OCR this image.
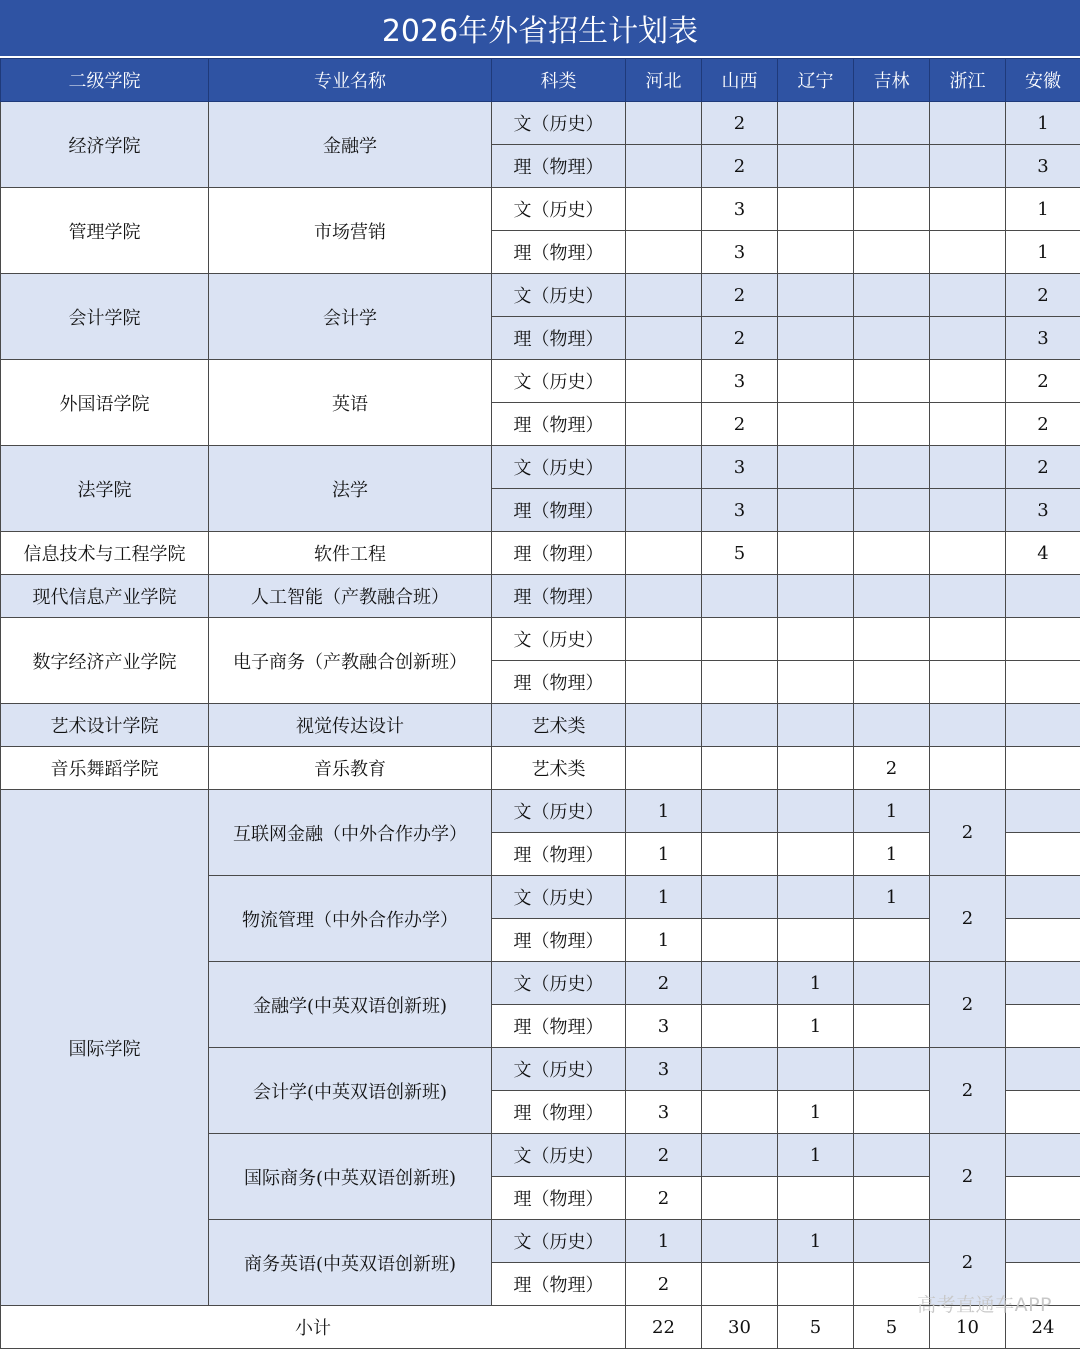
2026年外省招生计划表
二级学院	专业名称	科类	河北	山西	辽宁	吉林	浙江	安徽
经济学院	金融学	文（历史）		2				1
		理（物理）		2				3
管理学院	市场营销	文（历史）		3				1
		理（物理）		3				1
会计学院	会计学	文（历史）		2				2
		理（物理）		2				3
外国语学院	英语	文（历史）		3				2
		理（物理）		2				2
法学院	法学	文（历史）		3				2
		理（物理）		3				3
信息技术与工程学院	软件工程	理（物理）		5				4
现代信息产业学院	人工智能（产教融合班）	理（物理）						
数字经济产业学院	电子商务（产教融合创新班）	文（历史）						
		理（物理）						
艺术设计学院	视觉传达设计	艺术类						
音乐舞蹈学院	音乐教育	艺术类				2		
国际学院	互联网金融（中外合作办学）	文（历史）	1			1	2	
		理（物理）	1			1		
	物流管理（中外合作办学）	文（历史）	1			1	2	
		理（物理）	1					
	金融学(中英双语创新班)	文（历史）	2		1		2	
		理（物理）	3		1			
	会计学(中英双语创新班)	文（历史）	3				2	
		理（物理）	3		1			
	国际商务(中英双语创新班)	文（历史）	2		1		2	
		理（物理）	2					
	商务英语(中英双语创新班)	文（历史）	1		1		2	
		理（物理）	2					
小计			22	30	5	5	10	24
高考直通车APP
